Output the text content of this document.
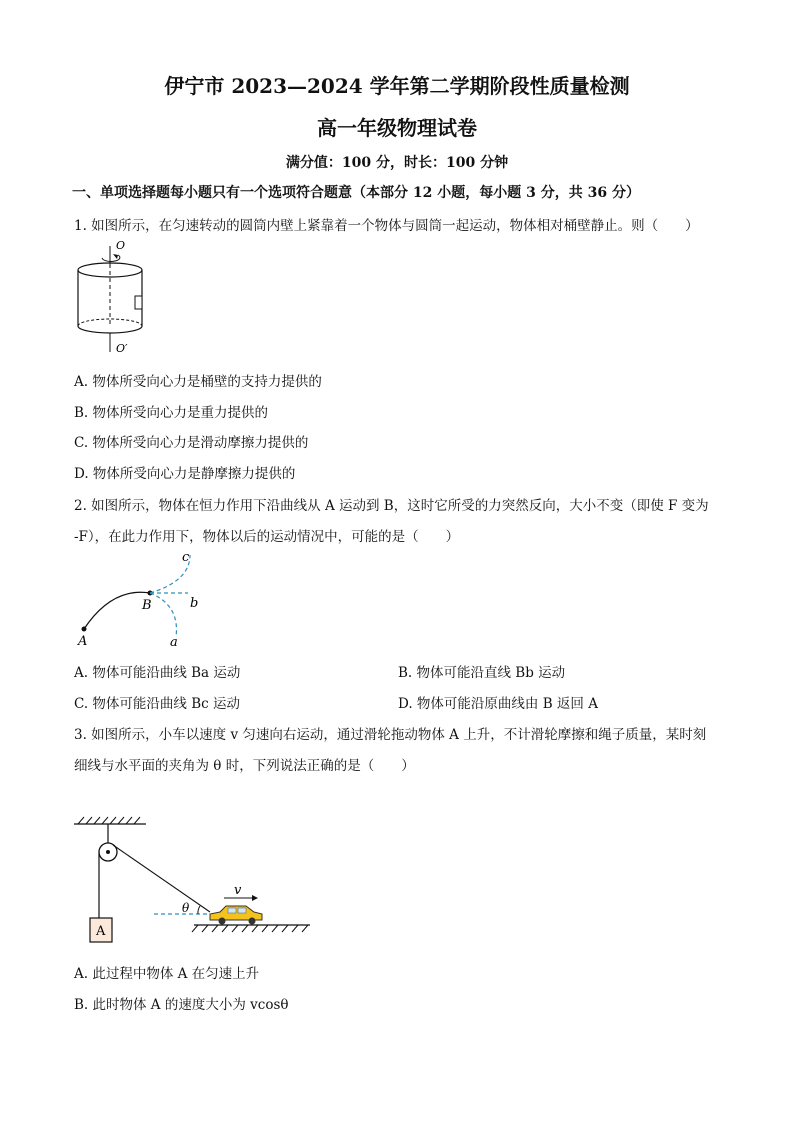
伊宁市 2023—2024 学年第二学期阶段性质量检测
高一年级物理试卷
满分值：100 分，时长：100 分钟
一、单项选择题每小题只有一个选项符合题意（本部分 12 小题，每小题 3 分，共 36 分）
1. 如图所示，在匀速转动的圆筒内壁上紧靠着一个物体与圆筒一起运动，物体相对桶壁静止。则（　　）
O
O′
A. 物体所受向心力是桶壁的支持力提供的
B. 物体所受向心力是重力提供的
C. 物体所受向心力是滑动摩擦力提供的
D. 物体所受向心力是静摩擦力提供的
2. 如图所示，物体在恒力作用下沿曲线从 A 运动到 B，这时它所受的力突然反向，大小不变（即使 F 变为
-F），在此力作用下，物体以后的运动情况中，可能的是（　　）
A
B
c
b
a
A. 物体可能沿曲线 Ba 运动	B. 物体可能沿直线 Bb 运动
C. 物体可能沿曲线 Bc 运动	D. 物体可能沿原曲线由 B 返回 A
3. 如图所示，小车以速度 v 匀速向右运动，通过滑轮拖动物体 A 上升，不计滑轮摩擦和绳子质量，某时刻
细线与水平面的夹角为 θ 时，下列说法正确的是（　　）
A
θ
v
A. 此过程中物体 A 在匀速上升
B. 此时物体 A 的速度大小为 vcosθ
